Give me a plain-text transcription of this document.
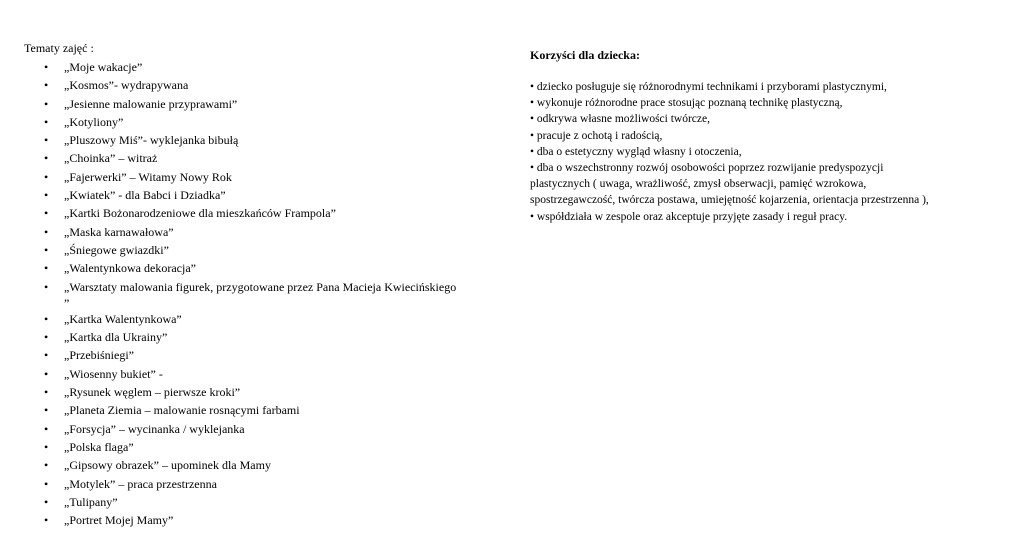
Tematy zajęć :
• „Moje wakacje”
• „Kosmos”- wydrapywana
• „Jesienne malowanie przyprawami”
• „Kotyliony”
• „Pluszowy Miś”- wyklejanka bibułą
• „Choinka” – witraż
• „Fajerwerki” – Witamy Nowy Rok
• „Kwiatek” - dla Babci i Dziadka”
• „Kartki Bożonarodzeniowe dla mieszkańców Frampola”
• „Maska karnawałowa”
• „Śniegowe gwiazdki”
• „Walentynkowa dekoracja”
• „Warsztaty malowania figurek, przygotowane przez Pana Macieja Kwiecińskiego
”
• „Kartka Walentynkowa”
• „Kartka dla Ukrainy”
• „Przebiśniegi”
• „Wiosenny bukiet” -
• „Rysunek węglem – pierwsze kroki”
• „Planeta Ziemia – malowanie rosnącymi farbami
• „Forsycja” – wycinanka / wyklejanka
• „Polska flaga”
• „Gipsowy obrazek” – upominek dla Mamy
• „Motylek” – praca przestrzenna
• „Tulipany”
• „Portret Mojej Mamy”
Korzyści dla dziecka:
• dziecko posługuje się różnorodnymi technikami i przyborami plastycznymi,
• wykonuje różnorodne prace stosując poznaną technikę plastyczną,
• odkrywa własne możliwości twórcze,
• pracuje z ochotą i radością,
• dba o estetyczny wygląd własny i otoczenia,
• dba o wszechstronny rozwój osobowości poprzez rozwijanie predyspozycji
plastycznych ( uwaga, wrażliwość, zmysł obserwacji, pamięć wzrokowa,
spostrzegawczość, twórcza postawa, umiejętność kojarzenia, orientacja przestrzenna ),
• współdziała w zespole oraz akceptuje przyjęte zasady i reguł pracy.
